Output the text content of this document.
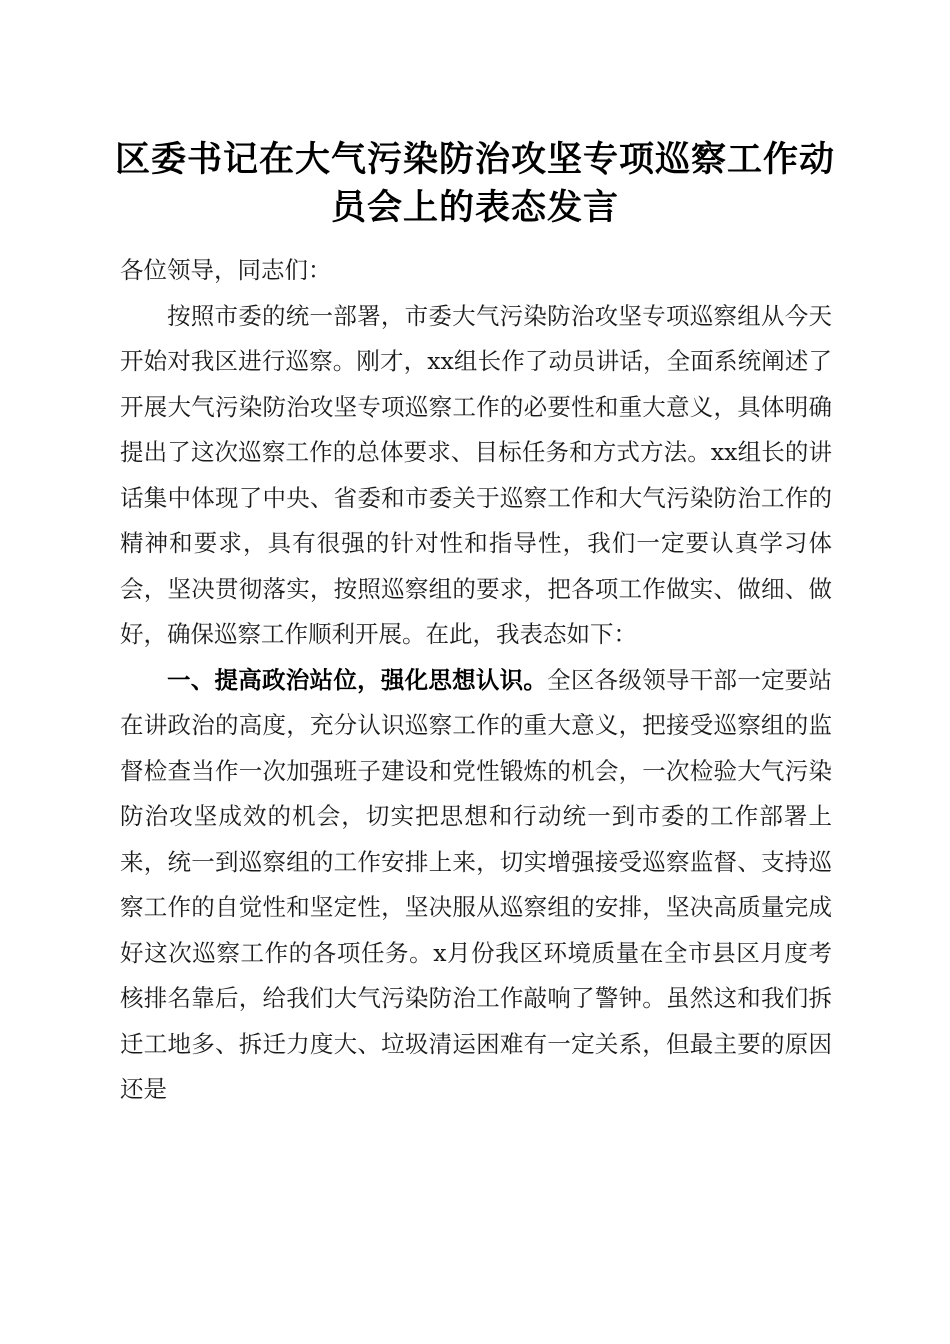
区委书记在大气污染防治攻坚专项巡察工作动员会上的表态发言

各位领导，同志们：

按照市委的统一部署，市委大气污染防治攻坚专项巡察组从今天开始对我区进行巡察。刚才，xx组长作了动员讲话，全面系统阐述了开展大气污染防治攻坚专项巡察工作的必要性和重大意义，具体明确提出了这次巡察工作的总体要求、目标任务和方式方法。xx组长的讲话集中体现了中央、省委和市委关于巡察工作和大气污染防治工作的精神和要求，具有很强的针对性和指导性，我们一定要认真学习体会，坚决贯彻落实，按照巡察组的要求，把各项工作做实、做细、做好，确保巡察工作顺利开展。在此，我表态如下：

一、提高政治站位，强化思想认识。全区各级领导干部一定要站在讲政治的高度，充分认识巡察工作的重大意义，把接受巡察组的监督检查当作一次加强班子建设和党性锻炼的机会，一次检验大气污染防治攻坚成效的机会，切实把思想和行动统一到市委的工作部署上来，统一到巡察组的工作安排上来，切实增强接受巡察监督、支持巡察工作的自觉性和坚定性，坚决服从巡察组的安排，坚决高质量完成好这次巡察工作的各项任务。x月份我区环境质量在全市县区月度考核排名靠后，给我们大气污染防治工作敲响了警钟。虽然这和我们拆迁工地多、拆迁力度大、垃圾清运困难有一定关系，但最主要的原因还是
